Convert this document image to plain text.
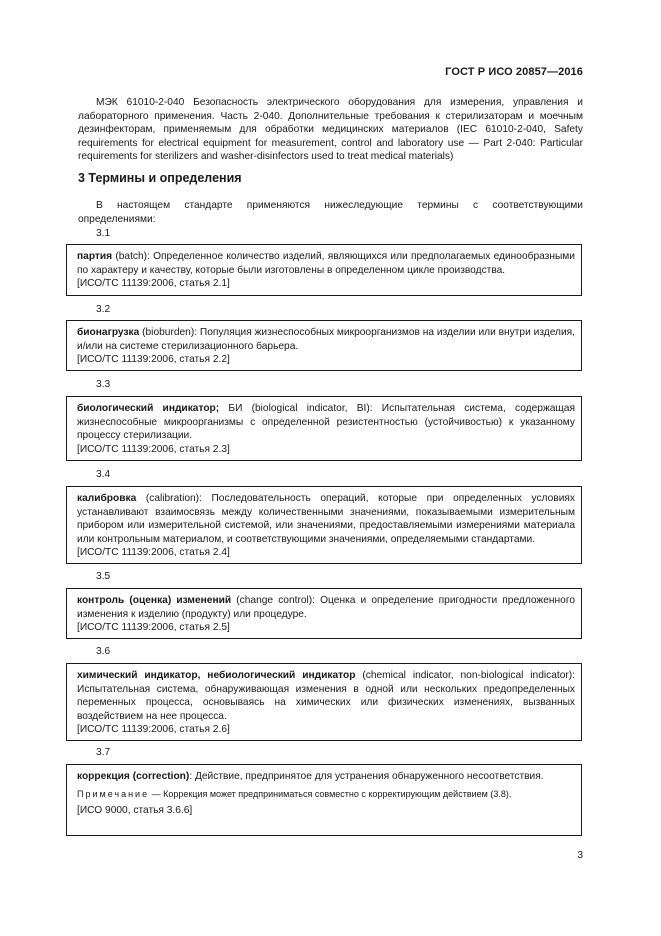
ГОСТ Р ИСО 20857—2016

МЭК 61010-2-040 Безопасность электрического оборудования для измерения, управления и лабораторного применения. Часть 2-040. Дополнительные требования к стерилизаторам и моечным дезинфекторам, применяемым для обработки медицинских материалов (IEC 61010-2-040, Safety requirements for electrical equipment for measurement, control and laboratory use — Part 2-040: Particular requirements for sterilizers and washer-disinfectors used to treat medical materials)

3 Термины и определения

В настоящем стандарте применяются нижеследующие термины с соответствующими определениями:

3.1

партия (batch): Определенное количество изделий, являющихся или предполагаемых единообразными по характеру и качеству, которые были изготовлены в определенном цикле производства.

[ИСО/ТС 11139:2006, статья 2.1]

3.2

бионагрузка (bioburden): Популяция жизнеспособных микроорганизмов на изделии или внутри изделия, и/или на системе стерилизационного барьера.

[ИСО/ТС 11139:2006, статья 2.2]

3.3

биологический индикатор; БИ (biological indicator, BI): Испытательная система, содержащая жизнеспособные микроорганизмы с определенной резистентностью (устойчивостью) к указанному процессу стерилизации.

[ИСО/ТС 11139:2006, статья 2.3]

3.4

калибровка (calibration): Последовательность операций, которые при определенных условиях устанавливают взаимосвязь между количественными значениями, показываемыми измерительным прибором или измерительной системой, или значениями, предоставляемыми измерениями материала или контрольным материалом, и соответствующими значениями, определяемыми стандартами.

[ИСО/ТС 11139:2006, статья 2.4]

3.5

контроль (оценка) изменений (change control): Оценка и определение пригодности предложенного изменения к изделию (продукту) или процедуре.

[ИСО/ТС 11139:2006, статья 2.5]

3.6

химический индикатор, небиологический индикатор (chemical indicator, non-biological indicator): Испытательная система, обнаруживающая изменения в одной или нескольких предопределенных переменных процесса, основываясь на химических или физических изменениях, вызванных воздействием на нее процесса.

[ИСО/ТС 11139:2006, статья 2.6]

3.7

коррекция (correction): Действие, предпринятое для устранения обнаруженного несоответствия.

Примечание — Коррекция может предприниматься совместно с корректирующим действием (3.8).

[ИСО 9000, статья 3.6.6]

3
